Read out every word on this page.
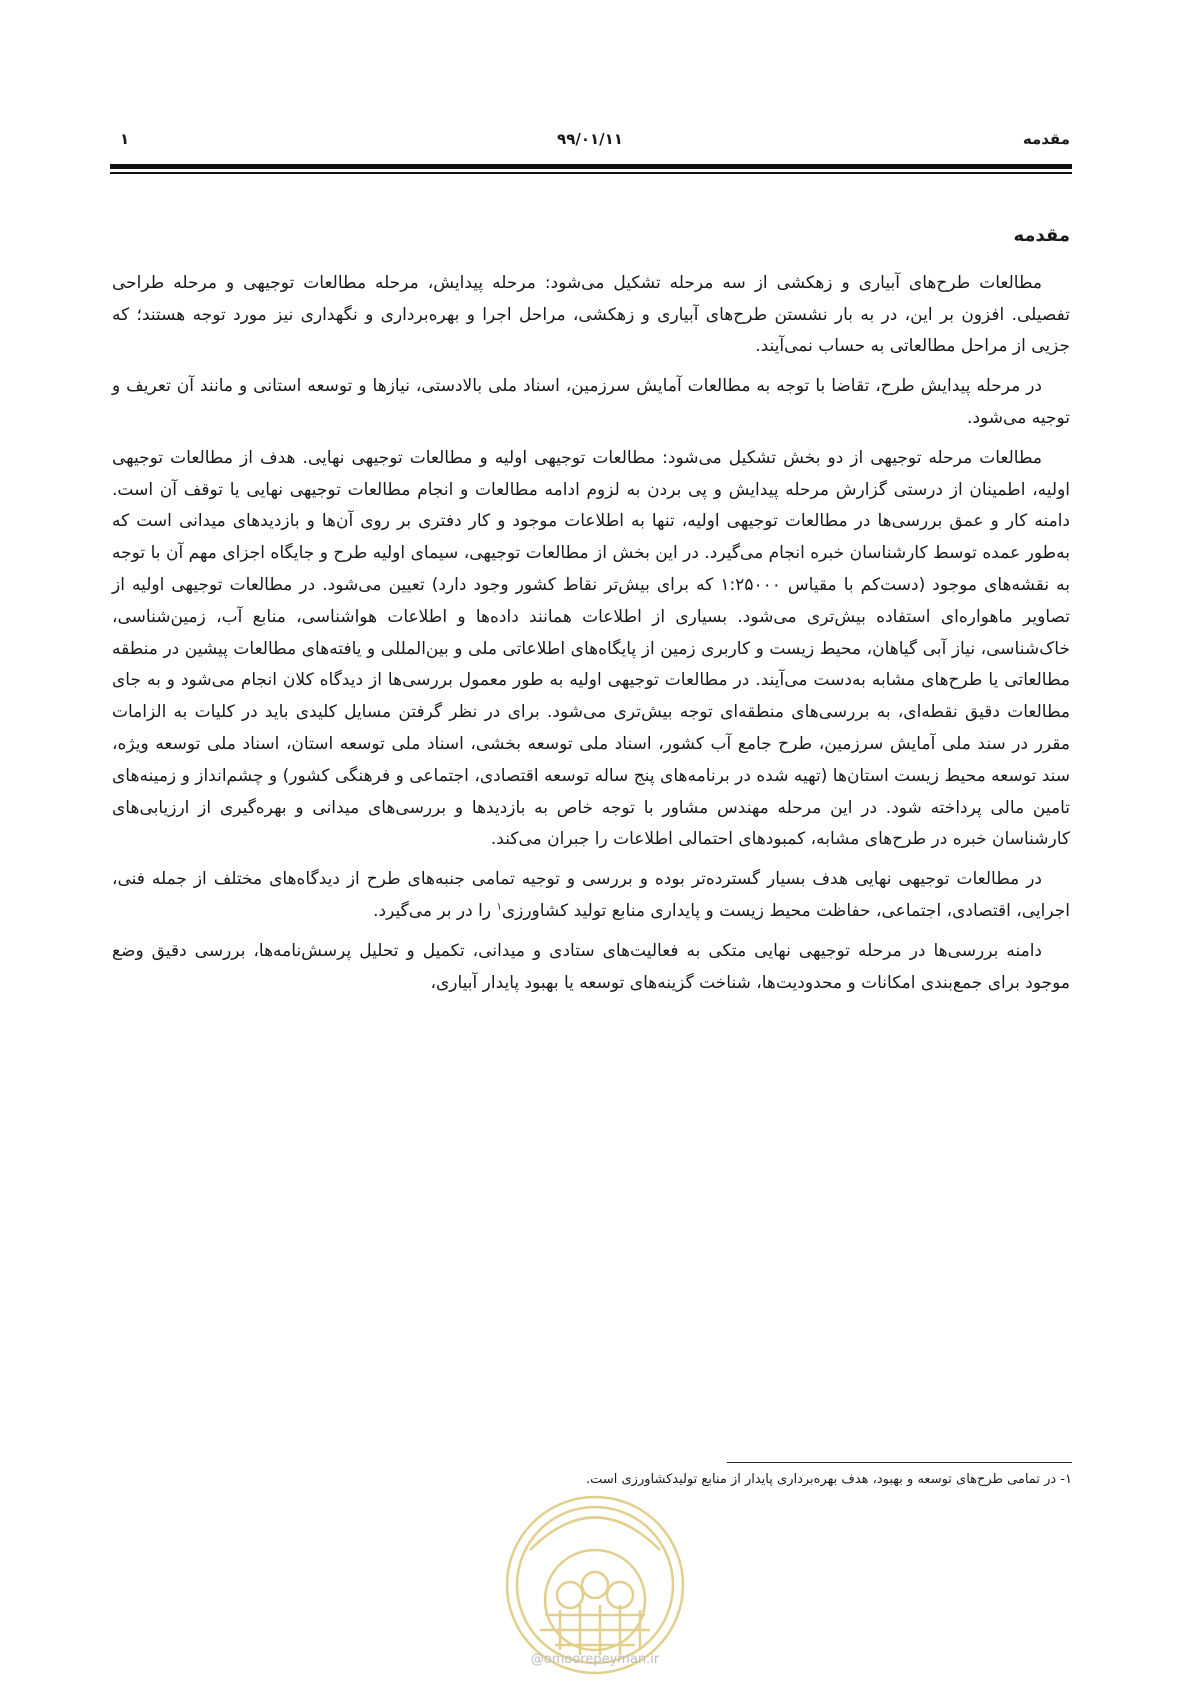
مقدمه
۹۹/۰۱/۱۱
۱
مقدمه

مطالعات طرح‌های آبیاری و زهکشی از سه مرحله تشکیل می‌شود: مرحله پیدایش، مرحله مطالعات توجیهی و مرحله طراحی تفصیلی. افزون بر این، در به بار نشستن طرح‌های آبیاری و زهکشی، مراحل اجرا و بهره‌برداری و نگهداری نیز مورد توجه هستند؛ که جزیی از مراحل مطالعاتی به حساب نمی‌آیند.

در مرحله پیدایش طرح، تقاضا با توجه به مطالعات آمایش سرزمین، اسناد ملی بالادستی، نیازها و توسعه استانی و مانند آن تعریف و توجیه می‌شود.

مطالعات مرحله توجیهی از دو بخش تشکیل می‌شود: مطالعات توجیهی اولیه و مطالعات توجیهی نهایی. هدف از مطالعات توجیهی اولیه، اطمینان از درستی گزارش مرحله پیدایش و پی بردن به لزوم ادامه مطالعات و انجام مطالعات توجیهی نهایی یا توقف آن است. دامنه کار و عمق بررسی‌ها در مطالعات توجیهی اولیه، تنها به اطلاعات موجود و کار دفتری بر روی آن‌ها و بازدیدهای میدانی است که به‌طور عمده توسط کارشناسان خبره انجام می‌گیرد. در این بخش از مطالعات توجیهی، سیمای اولیه طرح و جایگاه اجزای مهم آن با توجه به نقشه‌های موجود (دست‌کم با مقیاس ۱:۲۵۰۰۰ که برای بیش‌تر نقاط کشور وجود دارد) تعیین می‌شود. در مطالعات توجیهی اولیه از تصاویر ماهواره‌ای استفاده بیش‌تری می‌شود. بسیاری از اطلاعات همانند داده‌ها و اطلاعات هواشناسی، منابع آب، زمین‌شناسی، خاک‌شناسی، نیاز آبی گیاهان، محیط زیست و کاربری زمین از پایگاه‌های اطلاعاتی ملی و بین‌المللی و یافته‌های مطالعات پیشین در منطقه مطالعاتی یا طرح‌های مشابه به‌دست می‌آیند. در مطالعات توجیهی اولیه به طور معمول بررسی‌ها از دیدگاه کلان انجام می‌شود و به جای مطالعات دقیق نقطه‌ای، به بررسی‌های منطقه‌ای توجه بیش‌تری می‌شود. برای در نظر گرفتن مسایل کلیدی باید در کلیات به الزامات مقرر در سند ملی آمایش سرزمین، طرح جامع آب کشور، اسناد ملی توسعه بخشی، اسناد ملی توسعه استان، اسناد ملی توسعه ویژه، سند توسعه محیط زیست استان‌ها (تهیه شده در برنامه‌های پنج ساله توسعه اقتصادی، اجتماعی و فرهنگی کشور) و چشم‌انداز و زمینه‌های تامین مالی پرداخته شود. در این مرحله مهندس مشاور با توجه خاص به بازدیدها و بررسی‌های میدانی و بهره‌گیری از ارزیابی‌های کارشناسان خبره در طرح‌های مشابه، کمبودهای احتمالی اطلاعات را جبران می‌کند.

در مطالعات توجیهی نهایی هدف بسیار گسترده‌تر بوده و بررسی و توجیه تمامی جنبه‌های طرح از دیدگاه‌های مختلف از جمله فنی، اجرایی، اقتصادی، اجتماعی، حفاظت محیط زیست و پایداری منابع تولید کشاورزی$^۱$ را در بر می‌گیرد.

دامنه بررسی‌ها در مرحله توجیهی نهایی متکی به فعالیت‌های ستادی و میدانی، تکمیل و تحلیل پرسش‌نامه‌ها، بررسی دقیق وضع موجود برای جمع‌بندی امکانات و محدودیت‌ها، شناخت گزینه‌های توسعه یا بهبود پایدار آبیاری،

۱- در تمامی طرح‌های توسعه و بهبود، هدف بهره‌برداری پایدار از منابع تولیدکشاورزی است.
@omoorepeyman.ir
